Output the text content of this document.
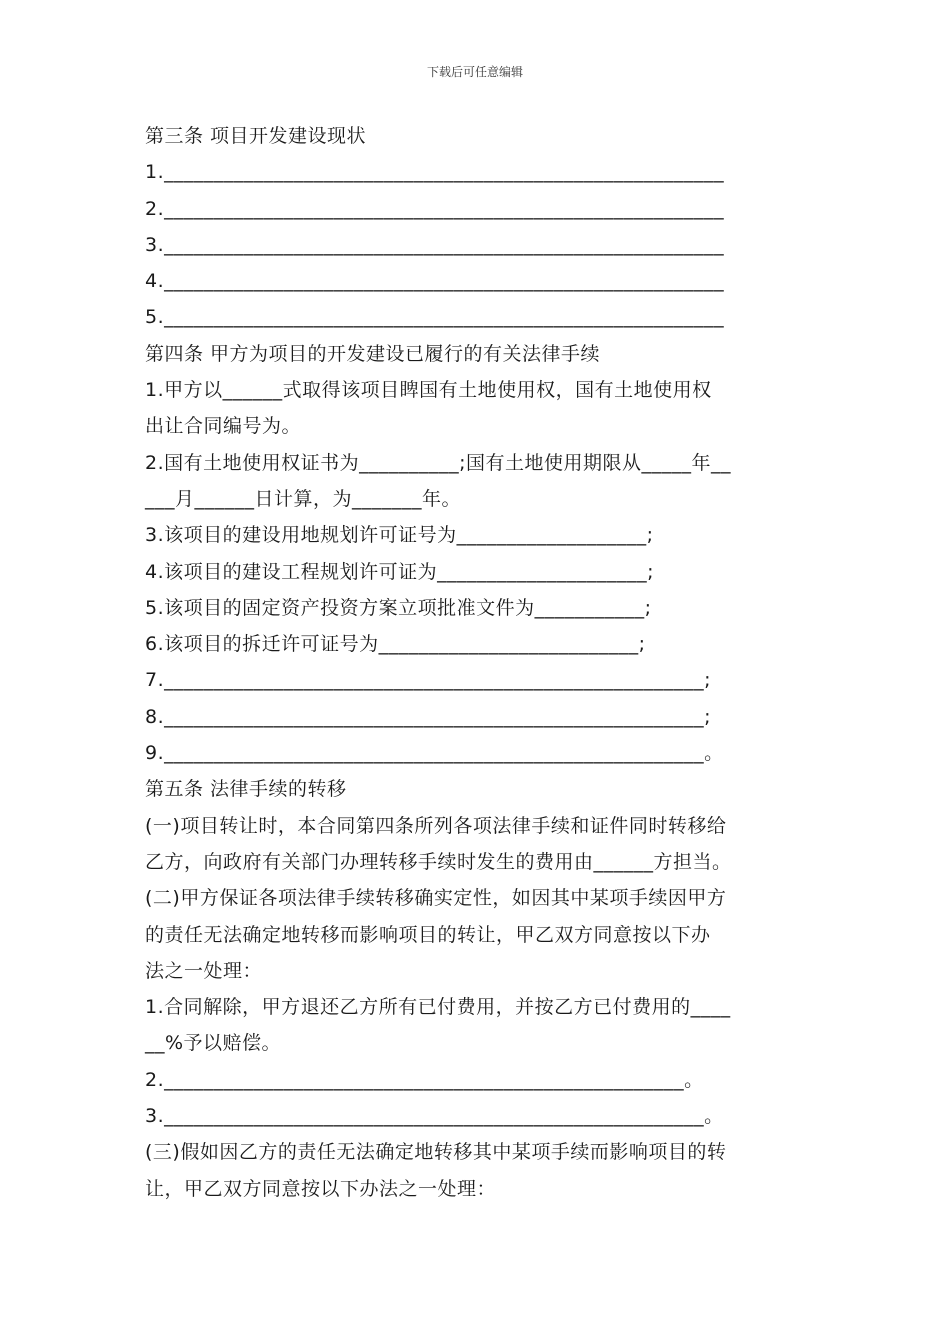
下载后可任意编辑
第三条 项目开发建设现状
1.________________________________________________________
2.________________________________________________________
3.________________________________________________________
4.________________________________________________________
5.________________________________________________________
第四条 甲方为项目的开发建设已履行的有关法律手续
1.甲方以______式取得该项目睥国有土地使用权，国有土地使用权
出让合同编号为。
2.国有土地使用权证书为__________;国有土地使用期限从_____年__
___月______日计算，为_______年。
3.该项目的建设用地规划许可证号为___________________;
4.该项目的建设工程规划许可证为_____________________;
5.该项目的固定资产投资方案立项批准文件为___________;
6.该项目的拆迁许可证号为__________________________;
7.______________________________________________________;
8.______________________________________________________;
9.______________________________________________________。
第五条 法律手续的转移
(一)项目转让时，本合同第四条所列各项法律手续和证件同时转移给
乙方，向政府有关部门办理转移手续时发生的费用由______方担当。
(二)甲方保证各项法律手续转移确实定性，如因其中某项手续因甲方
的责任无法确定地转移而影响项目的转让，甲乙双方同意按以下办
法之一处理：
1.合同解除，甲方退还乙方所有已付费用，并按乙方已付费用的____
__%予以赔偿。
2.____________________________________________________。
3.______________________________________________________。
(三)假如因乙方的责任无法确定地转移其中某项手续而影响项目的转
让，甲乙双方同意按以下办法之一处理：
